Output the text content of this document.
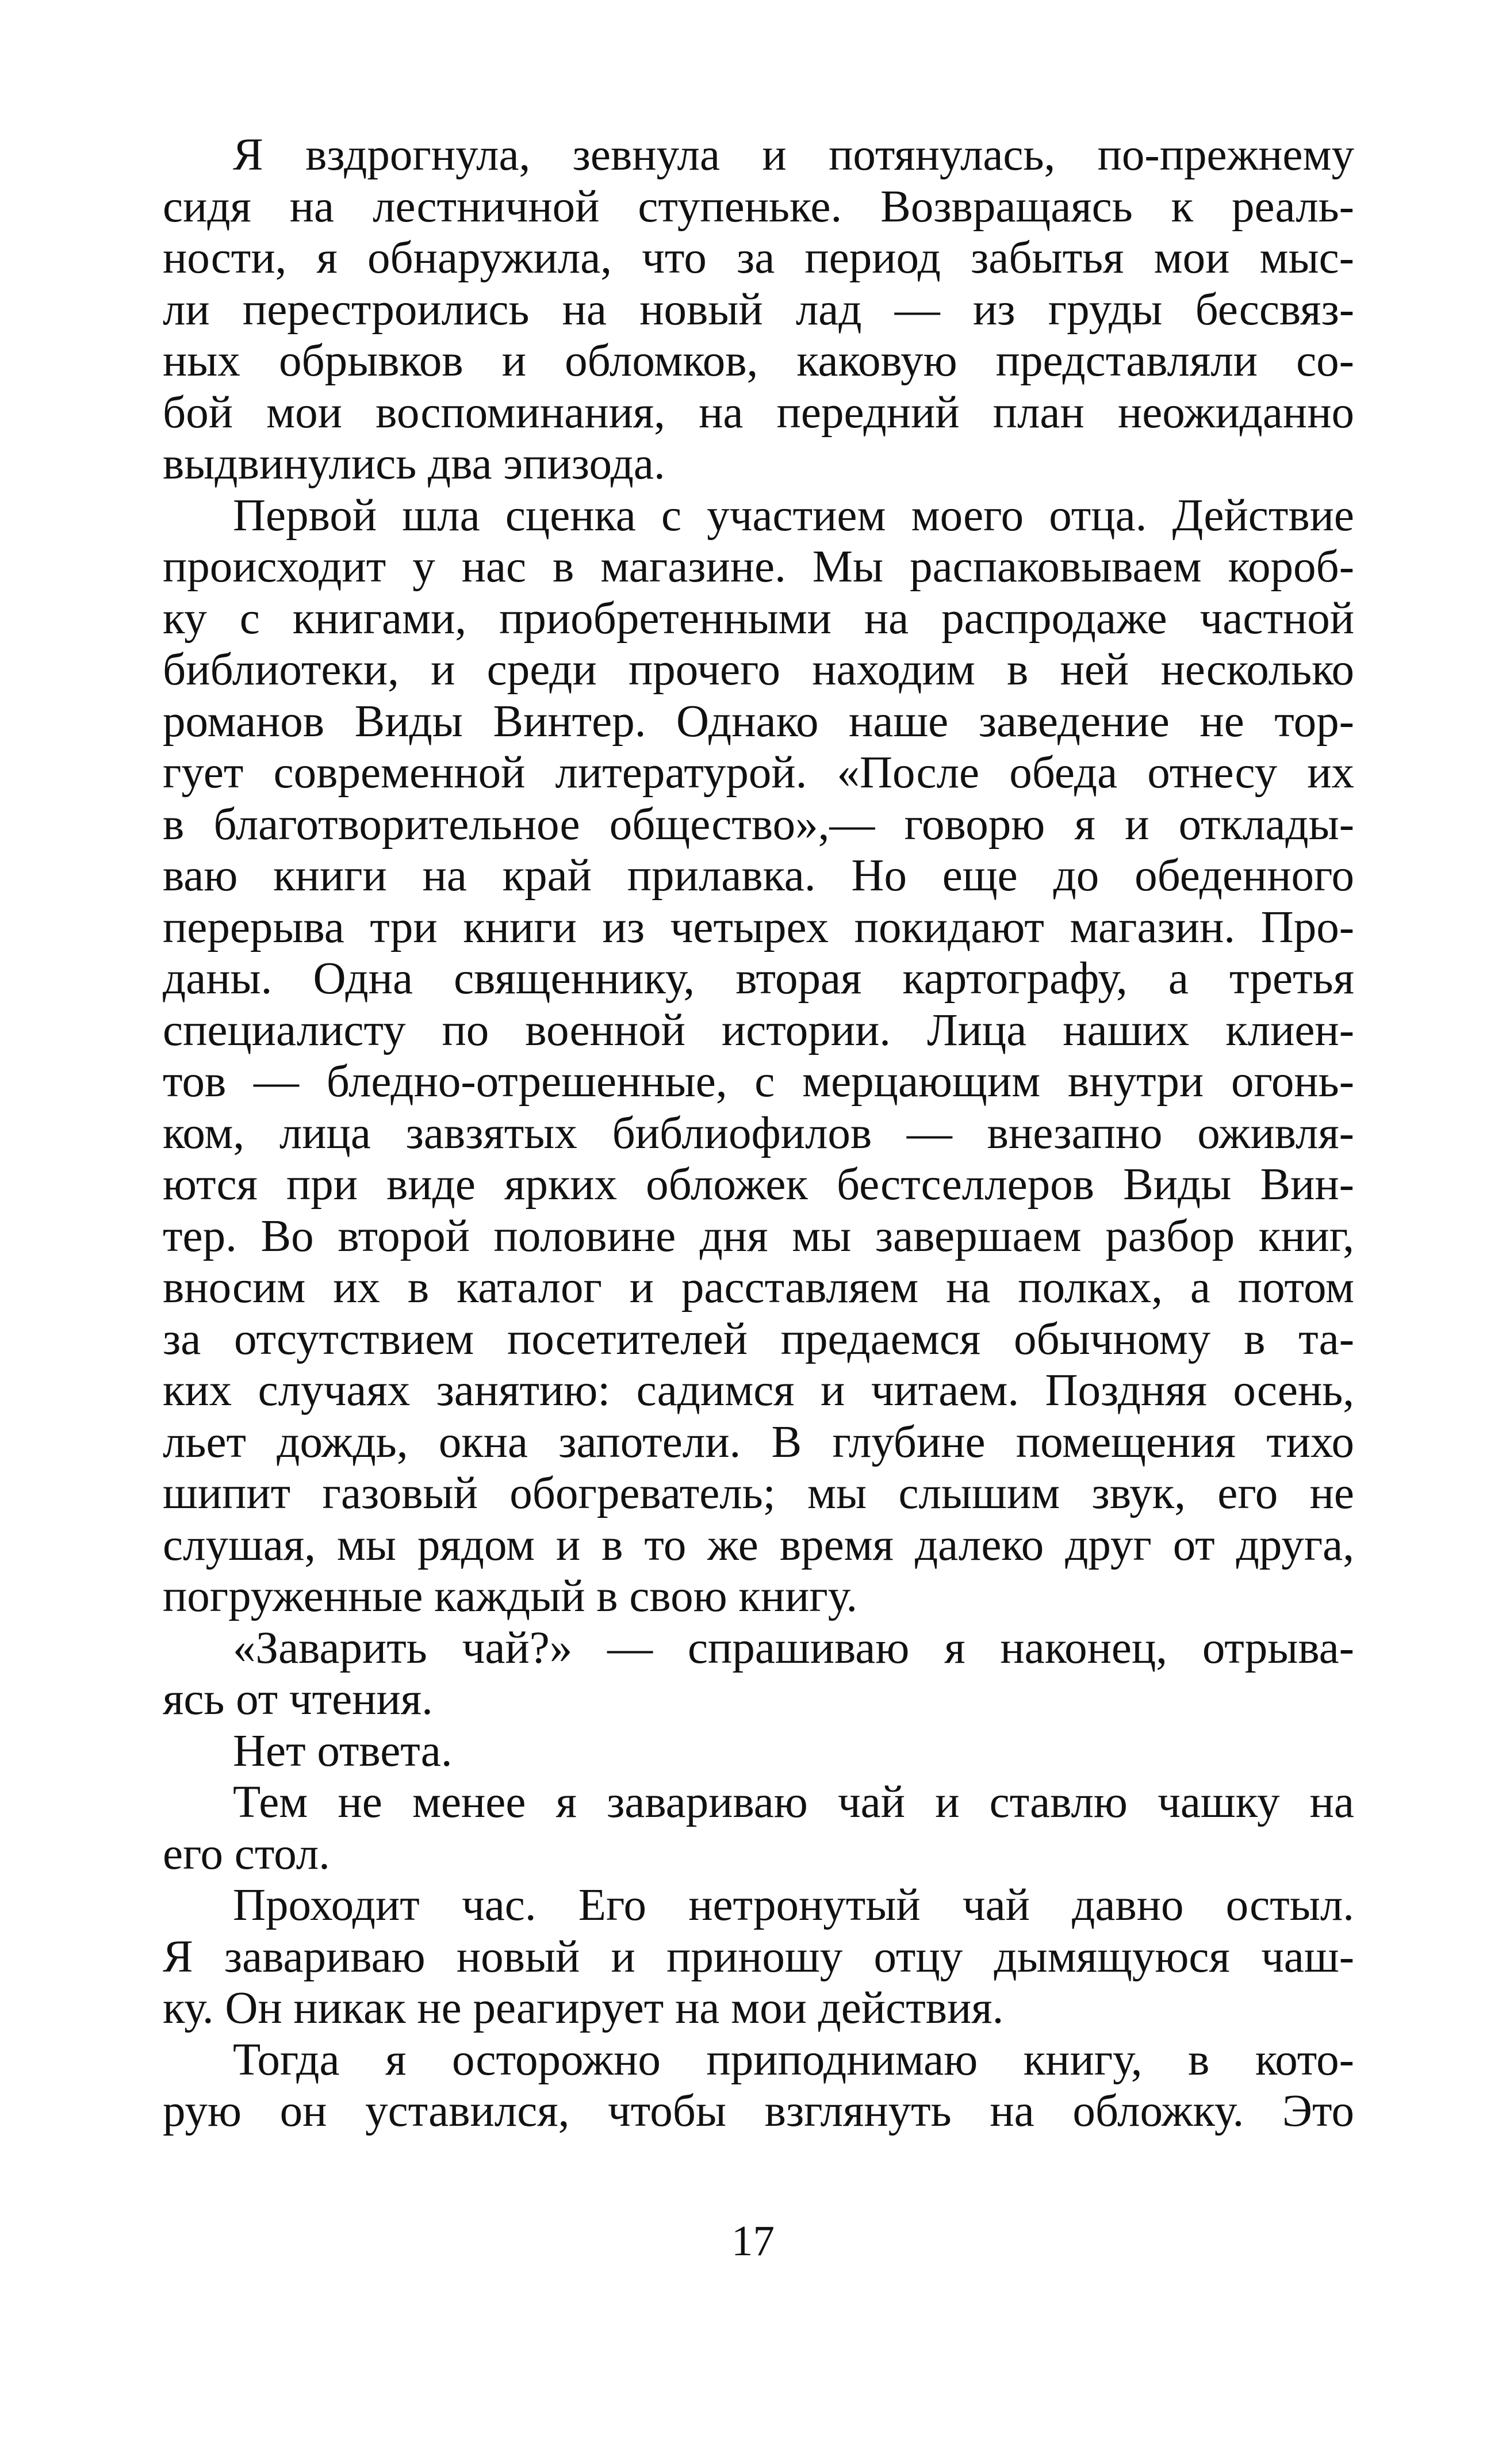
Я вздрогнула, зевнула и потянулась, по-прежнему
сидя на лестничной ступеньке. Возвращаясь к реаль-
ности, я обнаружила, что за период забытья мои мыс-
ли перестроились на новый лад — из груды бессвяз-
ных обрывков и обломков, каковую представляли со-
бой мои воспоминания, на передний план неожиданно
выдвинулись два эпизода.
Первой шла сценка с участием моего отца. Действие
происходит у нас в магазине. Мы распаковываем короб-
ку с книгами, приобретенными на распродаже частной
библиотеки, и среди прочего находим в ней несколько
романов Виды Винтер. Однако наше заведение не тор-
гует современной литературой. «После обеда отнесу их
в благотворительное общество»,— говорю я и отклады-
ваю книги на край прилавка. Но еще до обеденного
перерыва три книги из четырех покидают магазин. Про-
даны. Одна священнику, вторая картографу, а третья
специалисту по военной истории. Лица наших клиен-
тов — бледно-отрешенные, с мерцающим внутри огонь-
ком, лица завзятых библиофилов — внезапно оживля-
ются при виде ярких обложек бестселлеров Виды Вин-
тер. Во второй половине дня мы завершаем разбор книг,
вносим их в каталог и расставляем на полках, а потом
за отсутствием посетителей предаемся обычному в та-
ких случаях занятию: садимся и читаем. Поздняя осень,
льет дождь, окна запотели. В глубине помещения тихо
шипит газовый обогреватель; мы слышим звук, его не
слушая, мы рядом и в то же время далеко друг от друга,
погруженные каждый в свою книгу.
«Заварить чай?» — спрашиваю я наконец, отрыва-
ясь от чтения.
Нет ответа.
Тем не менее я завариваю чай и ставлю чашку на
его стол.
Проходит час. Его нетронутый чай давно остыл.
Я завариваю новый и приношу отцу дымящуюся чаш-
ку. Он никак не реагирует на мои действия.
Тогда я осторожно приподнимаю книгу, в кото-
рую он уставился, чтобы взглянуть на обложку. Это
17
